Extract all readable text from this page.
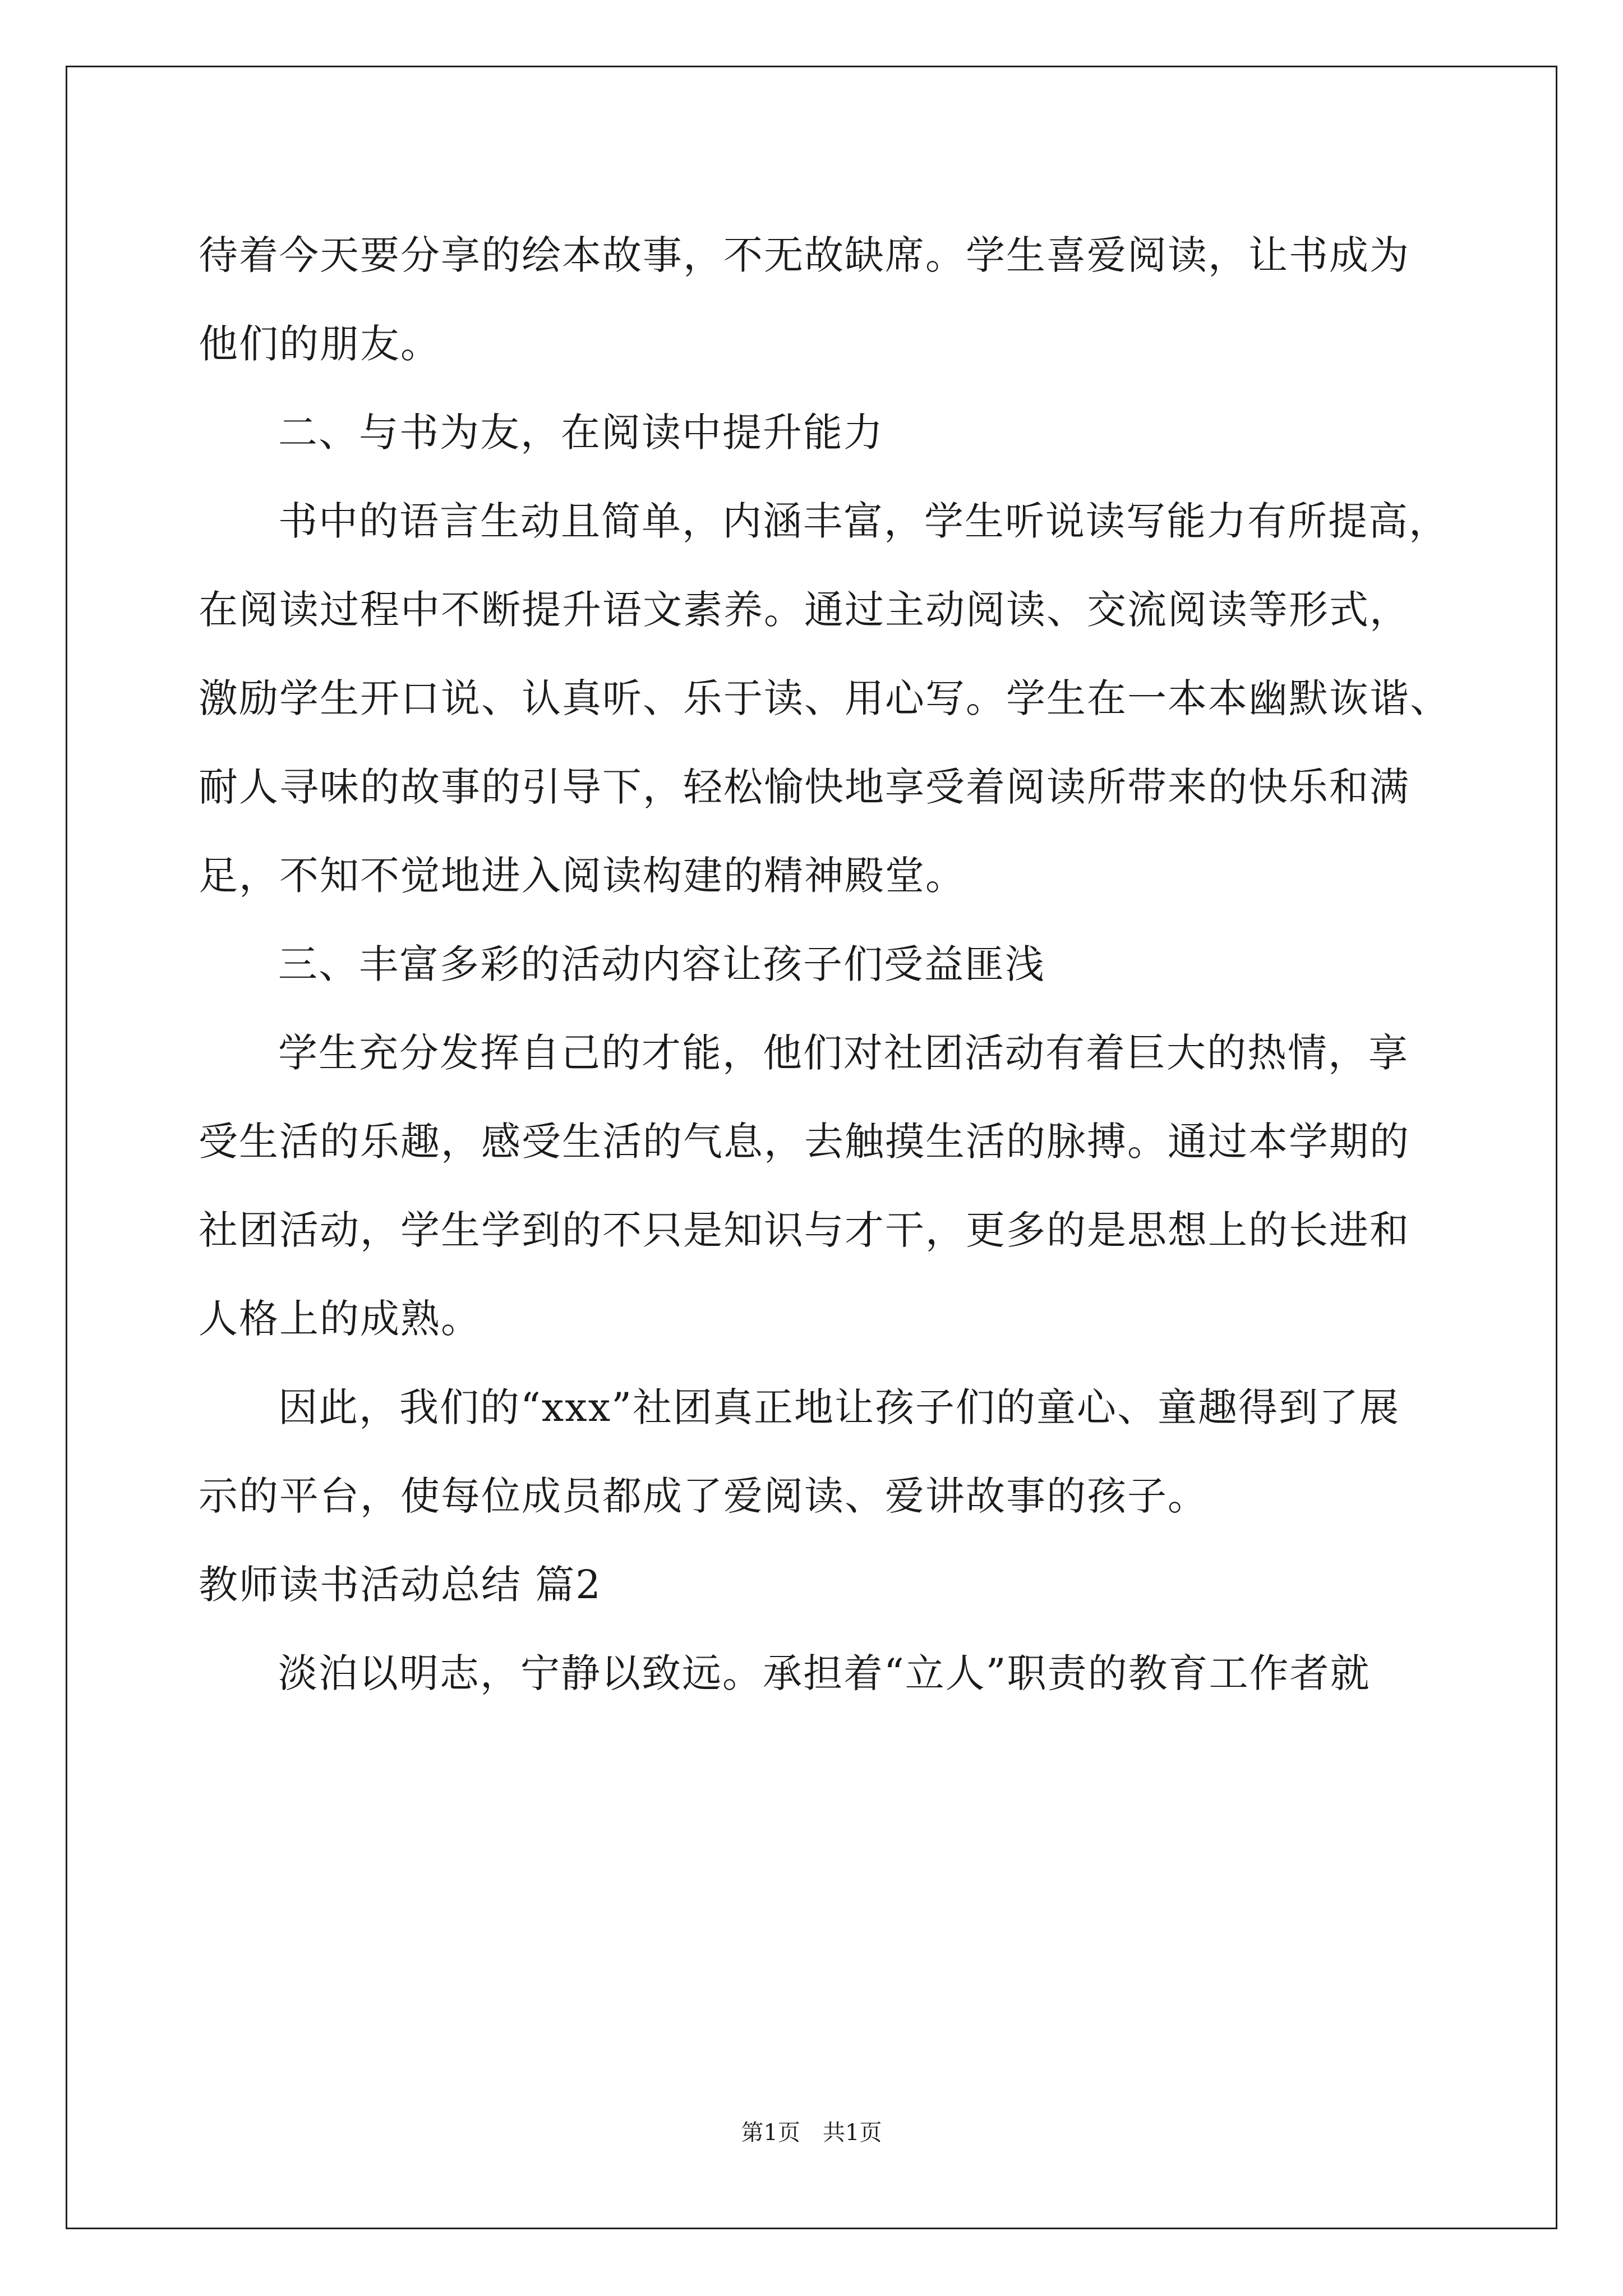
待着今天要分享的绘本故事，不无故缺席。学生喜爱阅读，让书成为
他们的朋友。
二、与书为友，在阅读中提升能力
书中的语言生动且简单，内涵丰富，学生听说读写能力有所提高，
在阅读过程中不断提升语文素养。通过主动阅读、交流阅读等形式，
激励学生开口说、认真听、乐于读、用心写。学生在一本本幽默诙谐、
耐人寻味的故事的引导下，轻松愉快地享受着阅读所带来的快乐和满
足，不知不觉地进入阅读构建的精神殿堂。
三、丰富多彩的活动内容让孩子们受益匪浅
学生充分发挥自己的才能，他们对社团活动有着巨大的热情，享
受生活的乐趣，感受生活的气息，去触摸生活的脉搏。通过本学期的
社团活动，学生学到的不只是知识与才干，更多的是思想上的长进和
人格上的成熟。
因此，我们的“xxx”社团真正地让孩子们的童心、童趣得到了展
示的平台，使每位成员都成了爱阅读、爱讲故事的孩子。
教师读书活动总结 篇2
淡泊以明志，宁静以致远。承担着“立人”职责的教育工作者就
第1页 共1页
